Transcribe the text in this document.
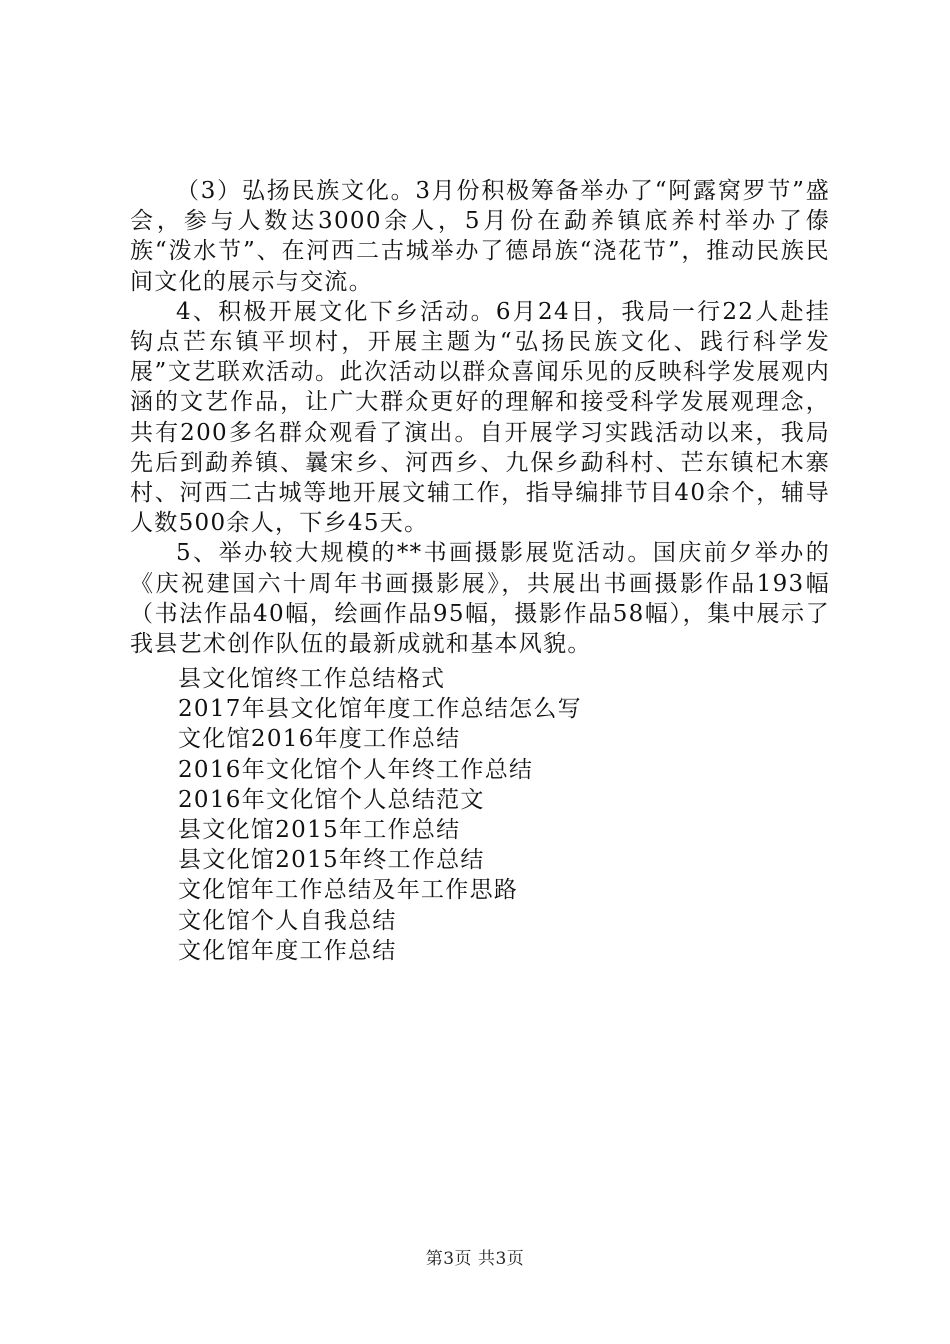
（3）弘扬民族文化。3月份积极筹备举办了“阿露窝罗节”盛会，参与人数达3000余人，5月份在勐养镇底养村举办了傣族“泼水节”、在河西二古城举办了德昂族“浇花节”，推动民族民间文化的展示与交流。

4、积极开展文化下乡活动。6月24日，我局一行22人赴挂钩点芒东镇平坝村，开展主题为“弘扬民族文化、践行科学发展”文艺联欢活动。此次活动以群众喜闻乐见的反映科学发展观内涵的文艺作品，让广大群众更好的理解和接受科学发展观理念，共有200多名群众观看了演出。自开展学习实践活动以来，我局先后到勐养镇、曩宋乡、河西乡、九保乡勐科村、芒东镇杞木寨村、河西二古城等地开展文辅工作，指导编排节目40余个，辅导人数500余人，下乡45天。

5、举办较大规模的**书画摄影展览活动。国庆前夕举办的《庆祝建国六十周年书画摄影展》，共展出书画摄影作品193幅（书法作品40幅，绘画作品95幅，摄影作品58幅），集中展示了我县艺术创作队伍的最新成就和基本风貌。

县文化馆终工作总结格式
2017年县文化馆年度工作总结怎么写
文化馆2016年度工作总结
2016年文化馆个人年终工作总结
2016年文化馆个人总结范文
县文化馆2015年工作总结
县文化馆2015年终工作总结
文化馆年工作总结及年工作思路
文化馆个人自我总结
文化馆年度工作总结
第3页 共3页
